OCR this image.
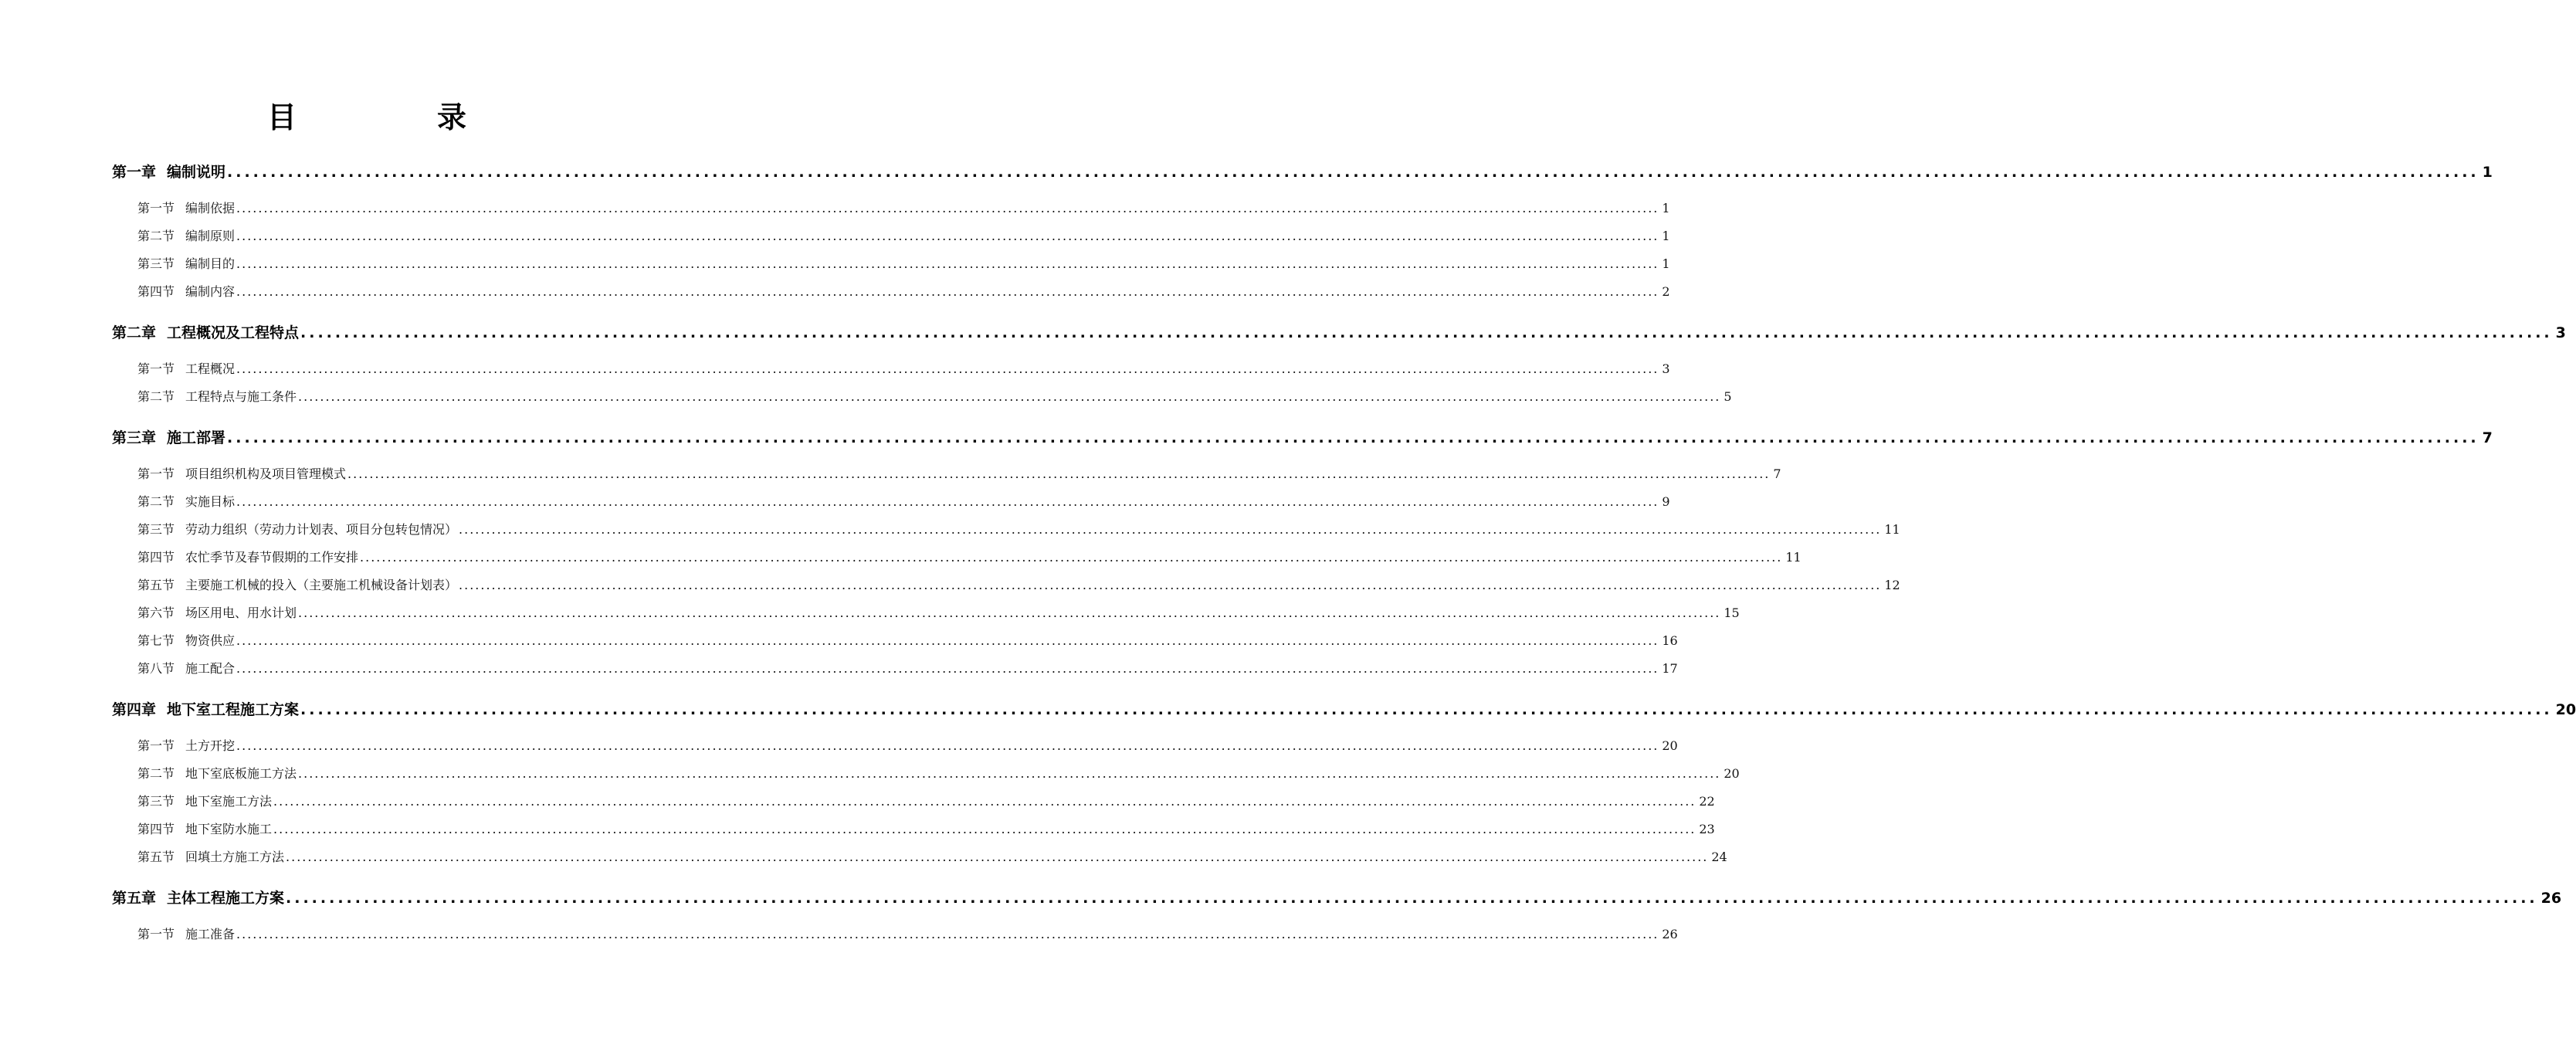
目　录
第一章 编制说明 .................................................................................................................................................................................................................................................................... 1
第一节 编制依据 .................................................................................................................................................................................................................................................................... 1
第二节 编制原则 .................................................................................................................................................................................................................................................................... 1
第三节 编制目的 .................................................................................................................................................................................................................................................................... 1
第四节 编制内容 .................................................................................................................................................................................................................................................................... 2
第二章 工程概况及工程特点 .................................................................................................................................................................................................................................................................... 3
第一节 工程概况 .................................................................................................................................................................................................................................................................... 3
第二节 工程特点与施工条件 .................................................................................................................................................................................................................................................................... 5
第三章 施工部署 .................................................................................................................................................................................................................................................................... 7
第一节 项目组织机构及项目管理模式 .................................................................................................................................................................................................................................................................... 7
第二节 实施目标 .................................................................................................................................................................................................................................................................... 9
第三节 劳动力组织（劳动力计划表、项目分包转包情况） .................................................................................................................................................................................................................................................................... 11
第四节 农忙季节及春节假期的工作安排 .................................................................................................................................................................................................................................................................... 11
第五节 主要施工机械的投入（主要施工机械设备计划表） .................................................................................................................................................................................................................................................................... 12
第六节 场区用电、用水计划 .................................................................................................................................................................................................................................................................... 15
第七节 物资供应 .................................................................................................................................................................................................................................................................... 16
第八节 施工配合 .................................................................................................................................................................................................................................................................... 17
第四章 地下室工程施工方案 .................................................................................................................................................................................................................................................................... 20
第一节 土方开挖 .................................................................................................................................................................................................................................................................... 20
第二节 地下室底板施工方法 .................................................................................................................................................................................................................................................................... 20
第三节 地下室施工方法 .................................................................................................................................................................................................................................................................... 22
第四节 地下室防水施工 .................................................................................................................................................................................................................................................................... 23
第五节 回填土方施工方法 .................................................................................................................................................................................................................................................................... 24
第五章 主体工程施工方案 .................................................................................................................................................................................................................................................................... 26
第一节 施工准备 .................................................................................................................................................................................................................................................................... 26
